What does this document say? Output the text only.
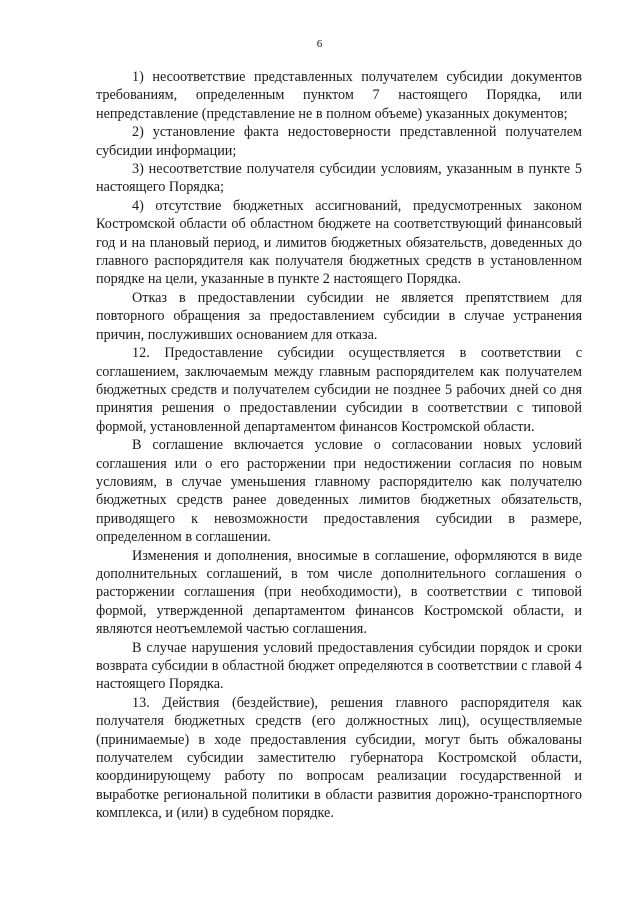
6

1) несоответствие представленных получателем субсидии документов требованиям, определенным пунктом 7 настоящего Порядка, или непредставление (представление не в полном объеме) указанных документов;

2) установление факта недостоверности представленной получателем субсидии информации;

3) несоответствие получателя субсидии условиям, указанным в пункте 5 настоящего Порядка;

4) отсутствие бюджетных ассигнований, предусмотренных законом Костромской области об областном бюджете на соответствующий финансовый год и на плановый период, и лимитов бюджетных обязательств, доведенных до главного распорядителя как получателя бюджетных средств в установленном порядке на цели, указанные в пункте 2 настоящего Порядка.

Отказ в предоставлении субсидии не является препятствием для повторного обращения за предоставлением субсидии в случае устранения причин, послуживших основанием для отказа.

12. Предоставление субсидии осуществляется в соответствии с соглашением, заключаемым между главным распорядителем как получателем бюджетных средств и получателем субсидии не позднее 5 рабочих дней со дня принятия решения о предоставлении субсидии в соответствии с типовой формой, установленной департаментом финансов Костромской области.

В соглашение включается условие о согласовании новых условий соглашения или о его расторжении при недостижении согласия по новым условиям, в случае уменьшения главному распорядителю как получателю бюджетных средств ранее доведенных лимитов бюджетных обязательств, приводящего к невозможности предоставления субсидии в размере, определенном в соглашении.

Изменения и дополнения, вносимые в соглашение, оформляются в виде дополнительных соглашений, в том числе дополнительного соглашения о расторжении соглашения (при необходимости), в соответствии с типовой формой, утвержденной департаментом финансов Костромской области, и являются неотъемлемой частью соглашения.

В случае нарушения условий предоставления субсидии порядок и сроки возврата субсидии в областной бюджет определяются в соответствии с главой 4 настоящего Порядка.

13. Действия (бездействие), решения главного распорядителя как получателя бюджетных средств (его должностных лиц), осуществляемые (принимаемые) в ходе предоставления субсидии, могут быть обжалованы получателем субсидии заместителю губернатора Костромской области, координирующему работу по вопросам реализации государственной и выработке региональной политики в области развития дорожно-транспортного комплекса, и (или) в судебном порядке.
